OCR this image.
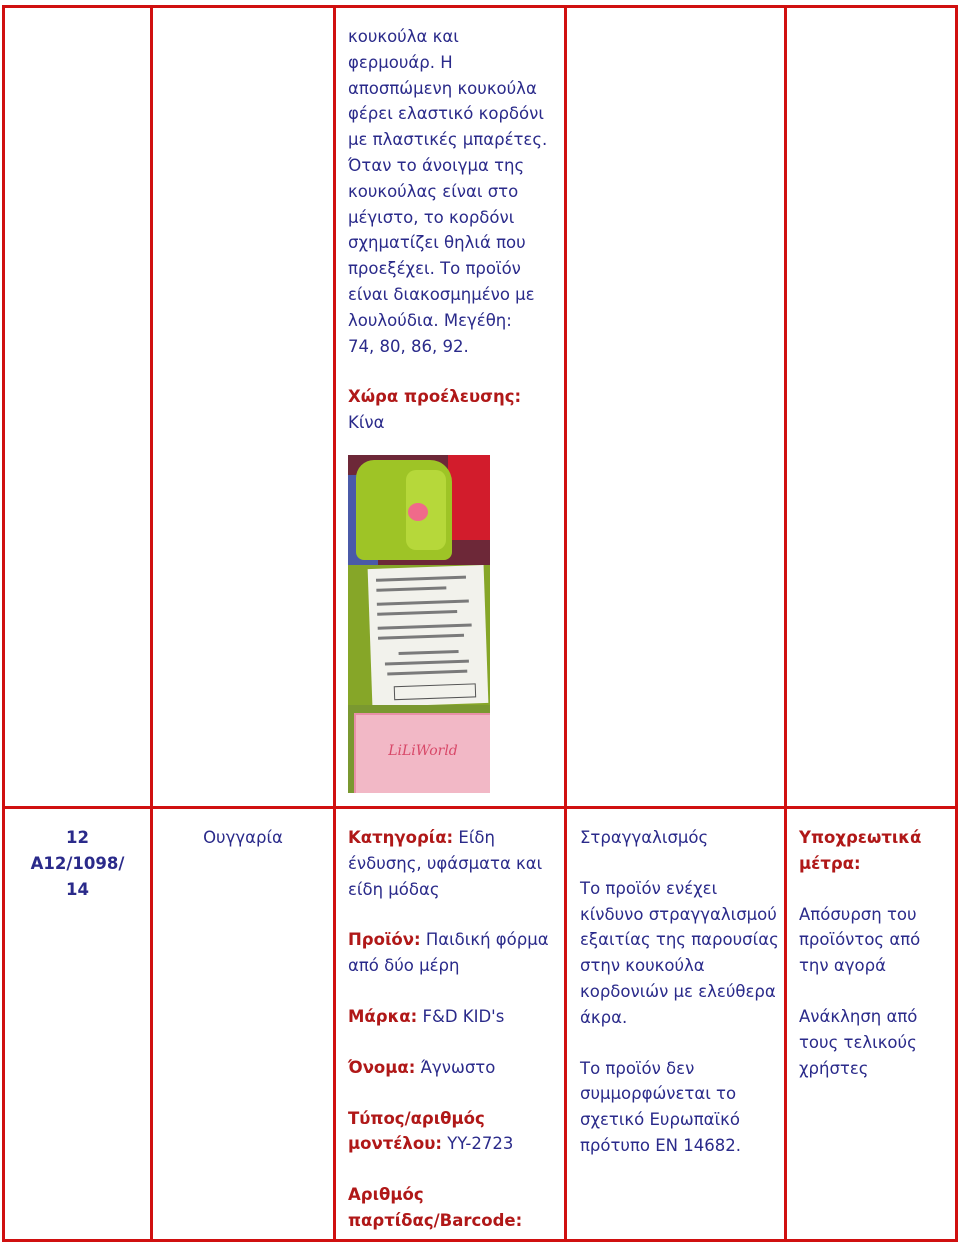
κουκούλα και
φερμουάρ. Η
αποσπώμενη κουκούλα
φέρει ελαστικό κορδόνι
με πλαστικές μπαρέτες.
Όταν το άνοιγμα της
κουκούλας είναι στο
μέγιστο, το κορδόνι
σχηματίζει θηλιά που
προεξέχει. Το προϊόν
είναι διακοσμημένο με
λουλούδια. Μεγέθη:
74, 80, 86, 92.
Χώρα προέλευσης:
Κίνα
LiLiWorld
12
A12/1098/
14
Ουγγαρία	Κατηγορία: Είδη ένδυσης, υφάσματα και είδη μόδας

Προϊόν: Παιδική φόρμα από δύο μέρη

Μάρκα: F&D KID's

Όνομα: Άγνωστο

Τύπος/αριθμός μοντέλου: YY-2723

Αριθμός παρτίδας/Barcode:

Στραγγαλισμός

Το προϊόν ενέχει κίνδυνο στραγγαλισμού εξαιτίας της παρουσίας στην κουκούλα κορδονιών με ελεύθερα άκρα.

Το προϊόν δεν συμμορφώνεται το σχετικό Ευρωπαϊκό πρότυπο EN 14682.

Υποχρεωτικά μέτρα:

Απόσυρση του προϊόντος από την αγορά

Ανάκληση από τους τελικούς χρήστες
